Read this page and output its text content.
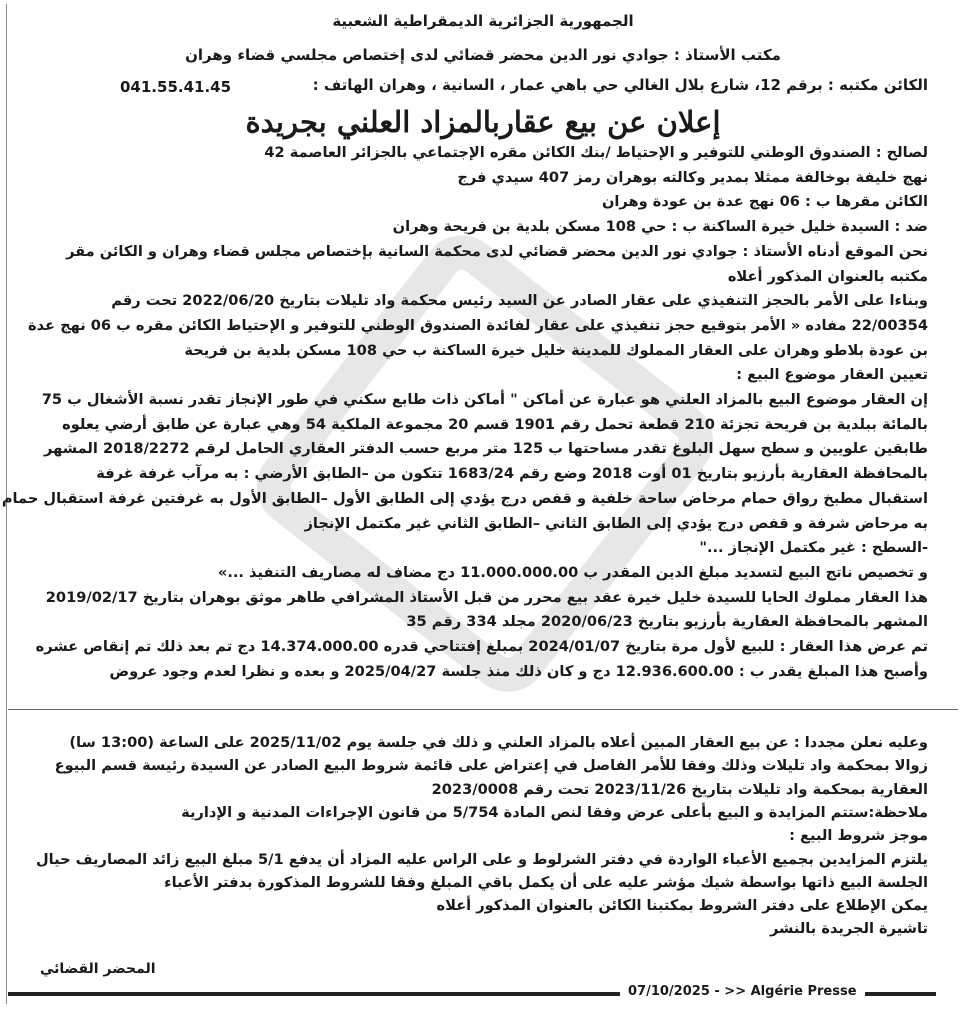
الجمهورية الجزائرية الديمقراطية الشعبية
مكتب الأستاذ : جوادي نور الدين محضر قضائي لدى إختصاص مجلسي قضاء وهران
الكائن مكتبه : برقم 12، شارع بلال الغالي حي باهي عمار ، السانية ، وهران الهاتف :
041.55.41.45
إعلان عن بيع عقاربالمزاد العلني بجريدة
لصالح : الصندوق الوطني للتوفير و الإحتياط /بنك الكائن مقره الإجتماعي بالجزائر العاصمة 42
نهج خليفة بوخالفة ممثلا بمدير وكالته بوهران رمز 407 سيدي فرج
الكائن مقرها ب : 06 نهج عدة بن عودة وهران
ضد : السيدة خليل خيرة الساكنة ب : حي 108 مسكن بلدية بن فريحة وهران
نحن الموقع أدناه الأستاذ : جوادي نور الدين محضر قضائي لدى محكمة السانية بإختصاص مجلس قضاء وهران و الكائن مقر
مكتبه بالعنوان المذكور أعلاه
وبناءا على الأمر بالحجز التنفيذي على عقار الصادر عن السيد رئيس محكمة واد تليلات بتاريخ 2022/06/20 تحت رقم
22/00354 مفاده « الأمر بتوقيع حجز تنفيذي على عقار لفائدة الصندوق الوطني للتوفير و الإحتياط الكائن مقره ب 06 نهج عدة
بن عودة بلاطو وهران على العقار المملوك للمدينة خليل خيرة الساكنة ب حي 108 مسكن بلدية بن فريحة
تعيين العقار موضوع البيع :
إن العقار موضوع البيع بالمزاد العلني هو عبارة عن أماكن " أماكن ذات طابع سكني في طور الإنجاز تقدر نسبة الأشغال ب 75
بالمائة ببلدية بن فريحة تجزئة 210 قطعة تحمل رقم 1901 قسم 20 مجموعة الملكية 54 وهي عبارة عن طابق أرضي يعلوه
طابقين علويين و سطح سهل البلوغ تقدر مساحتها ب 125 متر مربع حسب الدفتر العقاري الحامل لرقم 2018/2272 المشهر
بالمحافظة العقارية بأرزيو بتاريخ 01 أوت 2018 وضع رقم 1683/24 تتكون من –الطابق الأرضي : به مرآب غرفة غرفة
استقبال مطبخ رواق حمام مرحاض ساحة خلفية و قفص درج يؤدي إلى الطابق الأول –الطابق الأول به غرفتين غرفة استقبال حمام
به مرحاض شرفة و قفص درج يؤدي إلى الطابق الثاني –الطابق الثاني غير مكتمل الإنجاز
-السطح : غير مكتمل الإنجاز ..."
و تخصيص ناتج البيع لتسديد مبلغ الدين المقدر ب 11.000.000.00 دج مضاف له مصاريف التنفيذ ...»
هذا العقار مملوك الحايا للسيدة خليل خيرة عقد بيع محرر من قبل الأستاذ المشرافي طاهر موثق بوهران بتاريخ 2019/02/17
المشهر بالمحافظة العقارية بأرزيو بتاريخ 2020/06/23 مجلد 334 رقم 35
تم عرض هذا العقار : للبيع لأول مرة بتاريخ 2024/01/07 بمبلغ إفتتاحي قدره 14.374.000.00 دج تم بعد ذلك تم إنقاص عشره
وأصبح هذا المبلغ يقدر ب : 12.936.600.00 دج و كان ذلك منذ جلسة 2025/04/27 و بعده و نظرا لعدم وجود عروض
وعليه نعلن مجددا : عن بيع العقار المبين أعلاه بالمزاد العلني و ذلك في جلسة يوم 2025/11/02 على الساعة (13:00 سا)
زوالا بمحكمة واد تليلات وذلك وفقا للأمر الفاصل في إعتراض على قائمة شروط البيع الصادر عن السيدة رئيسة قسم البيوع
العقارية بمحكمة واد تليلات بتاريخ 2023/11/26 تحت رقم 2023/0008
ملاحظة:ستتم المزايدة و البيع بأعلى عرض وفقا لنص المادة 5/754 من قانون الإجراءات المدنية و الإدارية
موجز شروط البيع :
يلتزم المزايدين بجميع الأعباء الواردة في دفتر الشرلوط و على الراس عليه المزاد أن يدفع 5/1 مبلغ البيع زائد المصاريف حيال
الجلسة البيع ذاتها بواسطة شيك مؤشر عليه على أن يكمل باقي المبلغ وفقا للشروط المذكورة بدفتر الأعباء
يمكن الإطلاع على دفتر الشروط بمكتبنا الكائن بالعنوان المذكور أعلاه
تاشيرة الجريدة بالنشر
المحضر القضائي
07/10/2025 - >> Algérie Presse
